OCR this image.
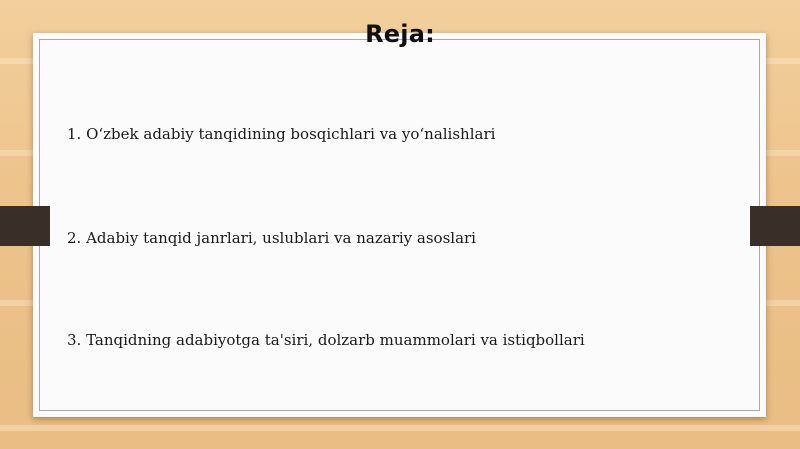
Reja:
1. O‘zbek adabiy tanqidining bosqichlari va yo‘nalishlari
2. Adabiy tanqid janrlari, uslublari va nazariy asoslari
3. Tanqidning adabiyotga ta'siri, dolzarb muammolari va istiqbollari
